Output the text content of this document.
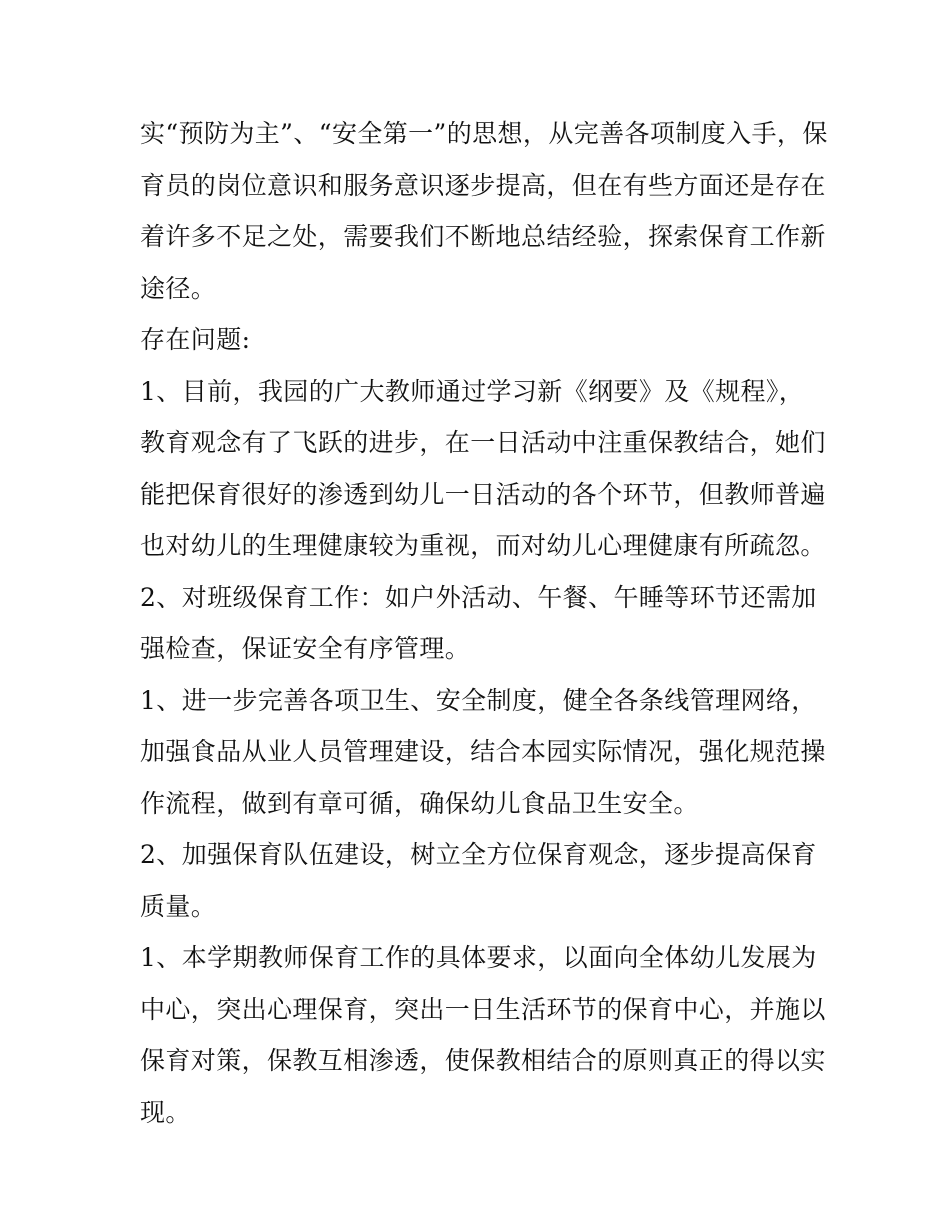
实“预防为主”、“安全第一”的思想，从完善各项制度入手，保
育员的岗位意识和服务意识逐步提高，但在有些方面还是存在
着许多不足之处，需要我们不断地总结经验，探索保育工作新
途径。
存在问题:
1、目前，我园的广大教师通过学习新《纲要》及《规程》，
教育观念有了飞跃的进步，在一日活动中注重保教结合，她们
能把保育很好的渗透到幼儿一日活动的各个环节，但教师普遍
也对幼儿的生理健康较为重视，而对幼儿心理健康有所疏忽。
2、对班级保育工作：如户外活动、午餐、午睡等环节还需加
强检查，保证安全有序管理。
1、进一步完善各项卫生、安全制度，健全各条线管理网络，
加强食品从业人员管理建设，结合本园实际情况，强化规范操
作流程，做到有章可循，确保幼儿食品卫生安全。
2、加强保育队伍建设，树立全方位保育观念，逐步提高保育
质量。
1、本学期教师保育工作的具体要求，以面向全体幼儿发展为
中心，突出心理保育，突出一日生活环节的保育中心，并施以
保育对策，保教互相渗透，使保教相结合的原则真正的得以实
现。
